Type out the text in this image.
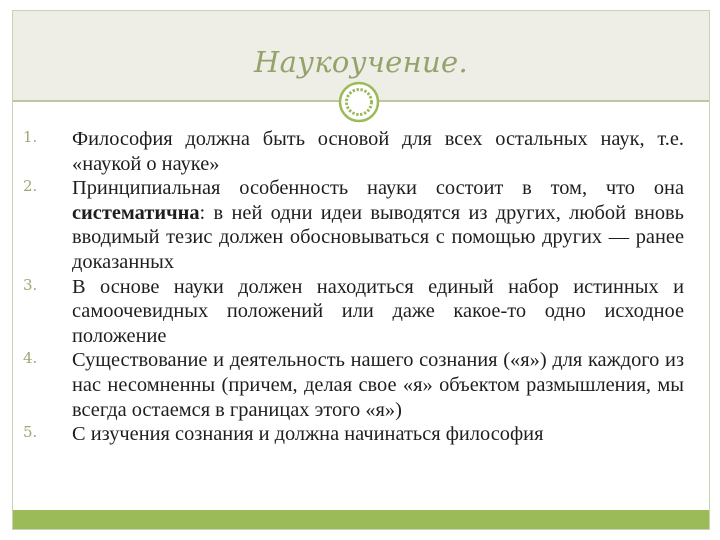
Наукоучение.
1. Философия должна быть основой для всех остальных наук, т.е. «наукой о науке»
2. Принципиальная особенность науки состоит в том, что она систематична: в ней одни идеи выводятся из других, любой вновь вводимый тезис должен обосновываться с помощью других — ранее доказанных
3. В основе науки должен находиться единый набор истинных и самоочевидных положений или даже какое-то одно исходное положение
4. Существование и деятельность нашего сознания («я») для каждого из нас несомненны (причем, делая свое «я» объектом размышления, мы всегда остаемся в границах этого «я»)
5. С изучения сознания и должна начинаться философия
